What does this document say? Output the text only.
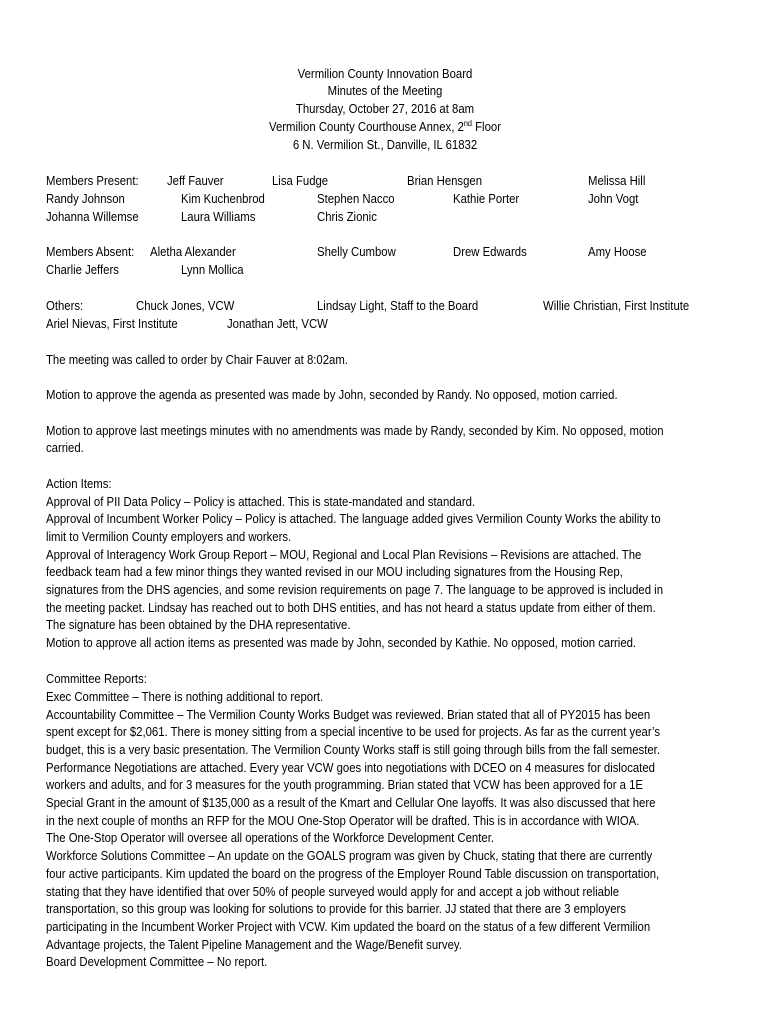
Vermilion County Innovation Board
Minutes of the Meeting
Thursday, October 27, 2016 at 8am
Vermilion County Courthouse Annex, 2nd Floor
6 N. Vermilion St., Danville, IL 61832
Members Present: Jeff Fauver	Lisa Fudge	Brian Hensgen	Melissa Hill
Randy Johnson	Kim Kuchenbrod	Stephen Nacco	Kathie Porter	John Vogt
Johanna Willemse	Laura Williams	Chris Zionic
Members Absent: Aletha Alexander	Shelly Cumbow	Drew Edwards	Amy Hoose
Charlie Jeffers	Lynn Mollica
Others:	Chuck Jones, VCW	Lindsay Light, Staff to the Board	Willie Christian, First Institute
Ariel Nievas, First Institute	Jonathan Jett, VCW
The meeting was called to order by Chair Fauver at 8:02am.
Motion to approve the agenda as presented was made by John, seconded by Randy. No opposed, motion carried.
Motion to approve last meetings minutes with no amendments was made by Randy, seconded by Kim. No opposed, motion
carried.
Action Items:
Approval of PII Data Policy – Policy is attached. This is state-mandated and standard.
Approval of Incumbent Worker Policy – Policy is attached. The language added gives Vermilion County Works the ability to
limit to Vermilion County employers and workers.
Approval of Interagency Work Group Report – MOU, Regional and Local Plan Revisions – Revisions are attached. The
feedback team had a few minor things they wanted revised in our MOU including signatures from the Housing Rep,
signatures from the DHS agencies, and some revision requirements on page 7. The language to be approved is included in
the meeting packet. Lindsay has reached out to both DHS entities, and has not heard a status update from either of them.
The signature has been obtained by the DHA representative.
Motion to approve all action items as presented was made by John, seconded by Kathie. No opposed, motion carried.
Committee Reports:
Exec Committee – There is nothing additional to report.
Accountability Committee – The Vermilion County Works Budget was reviewed. Brian stated that all of PY2015 has been
spent except for $2,061. There is money sitting from a special incentive to be used for projects. As far as the current year’s
budget, this is a very basic presentation. The Vermilion County Works staff is still going through bills from the fall semester.
Performance Negotiations are attached. Every year VCW goes into negotiations with DCEO on 4 measures for dislocated
workers and adults, and for 3 measures for the youth programming. Brian stated that VCW has been approved for a 1E
Special Grant in the amount of $135,000 as a result of the Kmart and Cellular One layoffs. It was also discussed that here
in the next couple of months an RFP for the MOU One-Stop Operator will be drafted. This is in accordance with WIOA.
The One-Stop Operator will oversee all operations of the Workforce Development Center.
Workforce Solutions Committee – An update on the GOALS program was given by Chuck, stating that there are currently
four active participants. Kim updated the board on the progress of the Employer Round Table discussion on transportation,
stating that they have identified that over 50% of people surveyed would apply for and accept a job without reliable
transportation, so this group was looking for solutions to provide for this barrier. JJ stated that there are 3 employers
participating in the Incumbent Worker Project with VCW. Kim updated the board on the status of a few different Vermilion
Advantage projects, the Talent Pipeline Management and the Wage/Benefit survey.
Board Development Committee – No report.
